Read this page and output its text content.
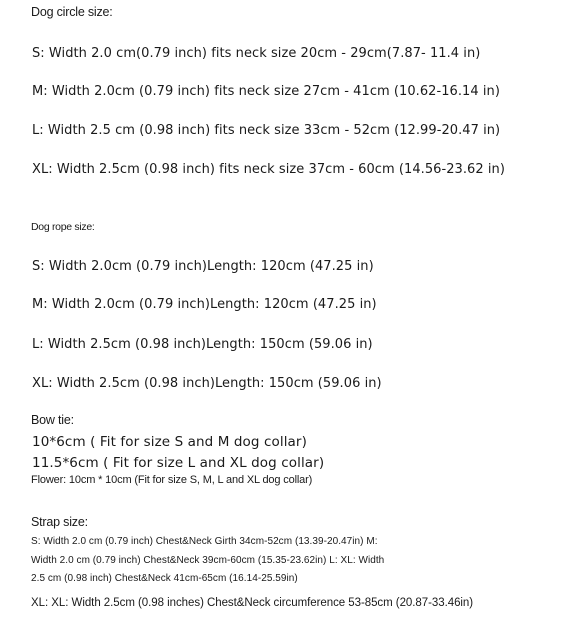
Dog circle size:
S: Width 2.0 cm(0.79 inch) fits neck size 20cm - 29cm(7.87- 11.4 in)
M: Width 2.0cm (0.79 inch) fits neck size 27cm - 41cm (10.62-16.14 in)
L: Width 2.5 cm (0.98 inch) fits neck size 33cm - 52cm (12.99-20.47 in)
XL: Width 2.5cm (0.98 inch) fits neck size 37cm - 60cm (14.56-23.62 in)
Dog rope size:
S: Width 2.0cm (0.79 inch)Length: 120cm (47.25 in)
M: Width 2.0cm (0.79 inch)Length: 120cm (47.25 in)
L: Width 2.5cm (0.98 inch)Length: 150cm (59.06 in)
XL: Width 2.5cm (0.98 inch)Length: 150cm (59.06 in)
Bow tie:
10*6cm ( Fit for size S and M dog collar)
11.5*6cm ( Fit for size L and XL dog collar)
Flower: 10cm * 10cm (Fit for size S, M, L and XL dog collar)
Strap size:
S: Width 2.0 cm (0.79 inch) Chest&Neck Girth 34cm-52cm (13.39-20.47in) M:
Width 2.0 cm (0.79 inch) Chest&Neck 39cm-60cm (15.35-23.62in) L: XL: Width
2.5 cm (0.98 inch) Chest&Neck 41cm-65cm (16.14-25.59in)
XL: XL: Width 2.5cm (0.98 inches) Chest&Neck circumference 53-85cm (20.87-33.46in)
